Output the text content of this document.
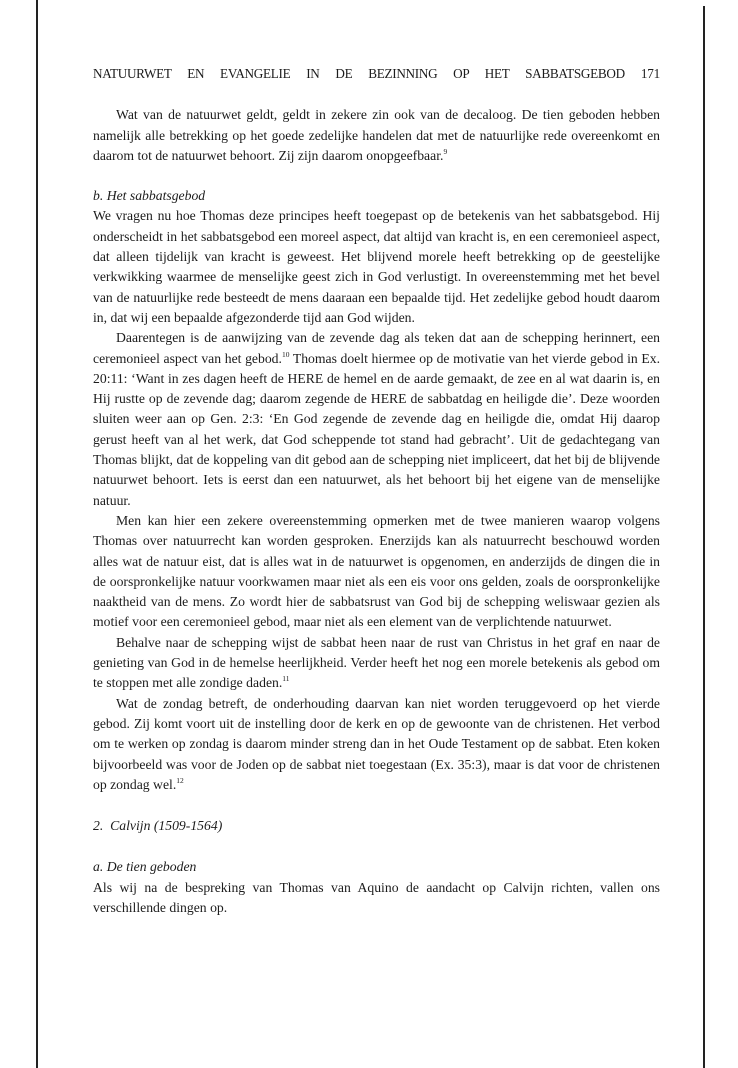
NATUURWET EN EVANGELIE IN DE BEZINNING OP HET SABBATSGEBOD 171

Wat van de natuurwet geldt, geldt in zekere zin ook van de decaloog. De tien geboden hebben namelijk alle betrekking op het goede zedelijke handelen dat met de natuurlijke rede overeenkomt en daarom tot de natuurwet behoort. Zij zijn daarom onopgeefbaar.$^9$

b. Het sabbatsgebod

We vragen nu hoe Thomas deze principes heeft toegepast op de betekenis van het sabbatsgebod. Hij onderscheidt in het sabbatsgebod een moreel aspect, dat altijd van kracht is, en een ceremonieel aspect, dat alleen tijdelijk van kracht is geweest. Het blijvend morele heeft betrekking op de geestelijke verkwikking waarmee de menselijke geest zich in God verlustigt. In overeenstemming met het bevel van de natuurlijke rede besteedt de mens daaraan een bepaalde tijd. Het zedelijke gebod houdt daarom in, dat wij een bepaalde afgezonderde tijd aan God wijden.

Daarentegen is de aanwijzing van de zevende dag als teken dat aan de schepping herinnert, een ceremonieel aspect van het gebod.$^{10}$ Thomas doelt hiermee op de motivatie van het vierde gebod in Ex. 20:11: ‘Want in zes dagen heeft de HERE de hemel en de aarde gemaakt, de zee en al wat daarin is, en Hij rustte op de zevende dag; daarom zegende de HERE de sabbatdag en heiligde die’. Deze woorden sluiten weer aan op Gen. 2:3: ‘En God zegende de zevende dag en heiligde die, omdat Hij daarop gerust heeft van al het werk, dat God scheppende tot stand had gebracht’. Uit de gedachtegang van Thomas blijkt, dat de koppeling van dit gebod aan de schepping niet impliceert, dat het bij de blijvende natuurwet behoort. Iets is eerst dan een natuurwet, als het behoort bij het eigene van de menselijke natuur.

Men kan hier een zekere overeenstemming opmerken met de twee manieren waarop volgens Thomas over natuurrecht kan worden gesproken. Enerzijds kan als natuurrecht beschouwd worden alles wat de natuur eist, dat is alles wat in de natuurwet is opgenomen, en anderzijds de dingen die in de oorspronkelijke natuur voorkwamen maar niet als een eis voor ons gelden, zoals de oorspronkelijke naaktheid van de mens. Zo wordt hier de sabbatsrust van God bij de schepping weliswaar gezien als motief voor een ceremonieel gebod, maar niet als een element van de verplichtende natuurwet.

Behalve naar de schepping wijst de sabbat heen naar de rust van Christus in het graf en naar de genieting van God in de hemelse heerlijkheid. Verder heeft het nog een morele betekenis als gebod om te stoppen met alle zondige daden.$^{11}$

Wat de zondag betreft, de onderhouding daarvan kan niet worden teruggevoerd op het vierde gebod. Zij komt voort uit de instelling door de kerk en op de gewoonte van de christenen. Het verbod om te werken op zondag is daarom minder streng dan in het Oude Testament op de sabbat. Eten koken bijvoorbeeld was voor de Joden op de sabbat niet toegestaan (Ex. 35:3), maar is dat voor de christenen op zondag wel.$^{12}$

2.  Calvijn (1509-1564)

a. De tien geboden

Als wij na de bespreking van Thomas van Aquino de aandacht op Calvijn richten, vallen ons verschillende dingen op.
